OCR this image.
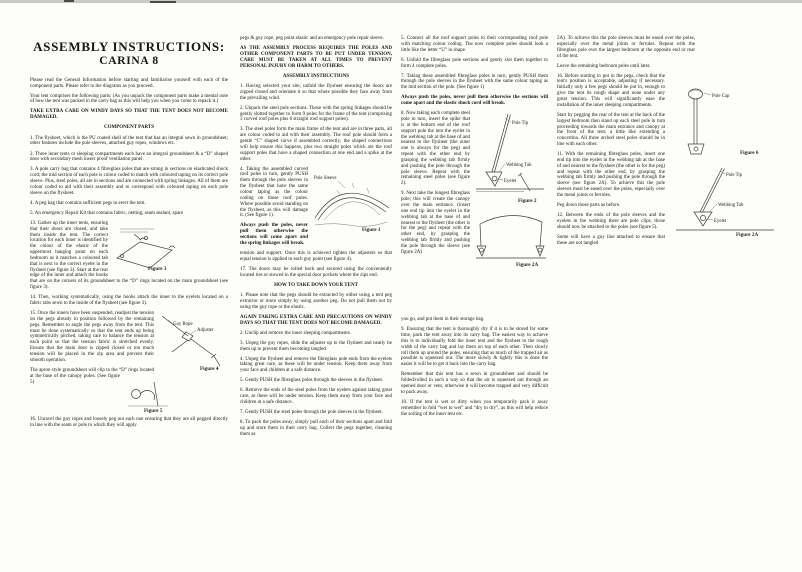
ASSEMBLY INSTRUCTIONS:
CARINA 8

Please read the General Information before starting and familiarise yourself with each of the component parts. Please refer to the diagrams as you proceed.

Your tent comprises the following parts: (As you unpack the component parts make a mental note of how the tent was packed in the carry bag as this will help you when you come to repack it.)

TAKE EXTRA CARE ON WINDY DAYS SO THAT THE TENT DOES NOT BECOME DAMAGED.

COMPONENT PARTS

1. The flysheet, which is the PU coated shell of the tent that has an integral sewn in groundsheet; other features include the pole sleeves, attached guy ropes, windows etc.

2. Three inner tents or sleeping compartments each have an integral groundsheet & a “D” shaped door with secondary mesh insect proof ventilation panel.

3. A pole carry bag that contains 4 fibreglass poles that are strung in sections on elasticated shock cord; the mid section of each pole is colour coded to match with coloured taping on its correct pole sleeve. Plus, steel poles, all are in sections and are connected with spring linkages. All of them are colour coded to aid with their assembly and to correspond with coloured taping on each pole sleeve on the flysheet.

4. A peg bag that contains sufficient pegs to erect the tent.

5. An emergency Repair Kit that contains fabric, netting, seam sealant, spare

Figure 3

13. Gather up the inner tents, ensuring that their doors are closed, and take them inside the tent. The correct location for each inner is identified by the colour of the elastic of the uppermost hanging point on each bedroom as it matches a coloured tab that is next to the correct eyelet in the flysheet (see figure 3). Start at the rear edge of the inner and attach the hooks that are on the corners of its groundsheet to the “D” rings located on the main groundsheet (see figure 3).

14. Then, working systematically, using the hooks attach the inner to the eyelets located on a fabric tabs sewn to the inside of the flysheet (see figure 3).

Guy Rope
Adjuster
Figure 4

15. Once the inners have been suspended, readjust the tension on the pegs already in position followed by the remaining pegs. Remember to angle the pegs away from the tent. This must be done systematically so that the tent ends up being symmetrically pitched, taking care to balance the tension at each point so that the tension fabric is stretched evenly. Ensure that the main door is zipped closed or too much tension will be placed in the zip area and prevent their smooth operation.

Figure 5

The apron style groundsheet will clip to the “D” rings located at the base of the canopy poles. (See figure 5)

16. Unravel the guy ropes and loosely peg out each one ensuring that they are all pegged directly in line with the seam or pole to which they will apply

pegs & guy rope, peg point elastic and an emergency pole repair sleeve.

AS THE ASSEMBLY PROCESS REQUIRES THE POLES AND OTHER COMPONENT PARTS TO BE PUT UNDER TENSION, CARE MUST BE TAKEN AT ALL TIMES TO PREVENT PERSONAL INJURY OR HARM TO OTHERS.

ASSEMBLY INSTRUCTIONS

1. Having selected your site, unfold the flysheet ensuring the doors are zipped closed and orientate it so that where possible they face away from the prevailing wind.

2. Unpack the steel pole sections. Those with the spring linkages should be gently slotted together to form 9 poles for the frame of the tent (comprising 3 curved roof poles plus 6 straight roof support poles).

3. The steel poles form the main frame of the tent and are in three parts, all are colour coded to aid with their assembly. The roof pole should form a gentle “C” shaped curve if assembled correctly; the shaped connections will help ensure this happens, plus two straight poles which are the roof support poles that have a shaped connection at one end and a spike at the other.

Pole Sleeve
Figure 1

4. Taking the assembled curved roof poles in turn, gently PUSH them through the pole sleeves in the flysheet that have the same colour taping as the colour coding on those roof poles. Where possible avoid standing on the flysheet, as this will damage it. (See figure 1).

Always push the poles, never pull them otherwise the sections will come apart and the spring linkages will break.

tension and support. Once this is achieved tighten the adjusters so that equal tension is applied to each guy point (see figure 4).

17. The doors may be rolled back and secured using the conveniently located ties or stowed in the special door pockets where the zips end.

HOW TO TAKE DOWN YOUR TENT

1. Please note that the pegs should be extracted by either using a tent peg extractor or more simply by using another peg. Do not pull them out by using the guy rope or the elastic.

AGAIN TAKING EXTRA CARE AND PRECAUTIONS ON WINDY DAYS SO THAT THE TENT DOES NOT BECOME DAMAGED.

2. Unclip and remove the inner sleeping compartments.

3. Unpeg the guy ropes, slide the adjuster up to the flysheet and neatly tie them up to prevent them becoming tangled.

4. Unpeg the flysheet and remove the fibreglass pole ends from the eyelets taking great care, as these will be under tension. Keep them away from your face and children at a safe distance.

5. Gently PUSH the fibreglass poles through the sleeves in the flysheet.

6. Remove the ends of the steel poles from the eyelets against taking great care, as these will be under tension. Keep them away from your face and children at a safe distance.

7. Gently PUSH the steel poles through the pole sleeves in the flysheet.

8. To pack the poles away, simply pull each of their sections apart and fold up and store them in their carry bag. Collect the pegs together, cleaning them as

5. Connect all the roof support poles to their corresponding roof pole with matching colour coding. The now complete poles should look a little like the letter “U” in shape.

6. Unfold the fibreglass pole sections and gently slot them together to form 4 complete poles.

7. Taking these assembled fibreglass poles in turn, gently PUSH them through the pole sleeves in the flysheet with the same colour taping as the mid section of the pole. (See figure 1)

Always push the poles, never pull them otherwise the sections will come apart and the elastic shock cord will break.

Pole Tip
Webbing Tab
Eyelet
Figure 2

8. Now taking each complete steel pole in turn, insert the spike that is at the bottom end of the roof support pole the into the eyelet in the webbing tab at the base of and nearest to the flysheet (the outer one is always for the peg) and repeat with the other end by grasping the webbing tab firmly and pushing the pole through the pole sleeve. Repeat with the remaining steel poles (see figure 2).

Figure 2A

9. Next take the longest fibreglass pole; this will create the canopy over the main entrance. (insert one end tip into the eyelet in the webbing tab at the base of and nearest to the flysheet (the other is for the peg) and repeat with the other end, by grasping the webbing tab firmly and pushing the pole through the sleeve (see figure 2A)

you go, and put them in their storage bag.

9. Ensuring that the tent is thoroughly dry if it is to be stored for some time, pack the tent away into its carry bag. The easiest way to achieve this is to individually fold the inner tent and the flysheet to the rough width of the carry bag and lay them on top of each other. Then slowly roll them up around the poles, ensuring that as much of the trapped air as possible is squeezed out. The more slowly & tightly this is done the easier it will be to get it back into the carry bag.

Remember that this tent has a sewn in groundsheet and should be folded/rolled in such a way so that the air is squeezed out through an opened door or vent, otherwise it will become trapped and very difficult to pack away.

10. If the tent is wet or dirty when you temporarily pack it away remember to fold “wet to wet” and “dry to dry”, as this will help reduce the soiling of the inner tent etc.

2A). To achieve this the pole sleeves must be eased over the poles, especially over the metal joints or ferrules. Repeat with the fibreglass pole over the largest bedroom at the opposite end or rear of the tent.

Leave the remaining bedroom poles until later.

10. Before starting to put in the pegs, check that the tent's position is acceptable, adjusting if necessary. Initially only a few pegs should be put in, enough to give the tent its rough shape and none under any great tension. This will significantly ease the installation of the inner sleeping compartments.

Start by pegging the rear of the tent at the back of the largest bedroom then stand up each steel pole in turn proceeding towards the main entrance and canopy at the front of the tent; a little like extending a concertina. All three arched steel poles should be in line with each other.

11. With the remaining fibreglass poles, insert one end tip into the eyelet in the webbing tab at the base of and nearest to the flysheet (the other is for the peg) and repeat with the other end, by grasping the webbing tab firmly and pushing the pole through the sleeve (see figure 2A). To achieve this the pole sleeves must be eased over the poles, especially over the metal joints or ferrules.

Peg down those parts as before.

12. Between the ends of the pole sleeves and the eyelets in the webbing there are pole clips, those should now be attached to the poles (see figure 5).

Some will have a guy line attached to ensure that these are not tangled

Pole Cap
Figure 6
Pole Tip
Webbing Tab
Eyelet
Figure 2A
